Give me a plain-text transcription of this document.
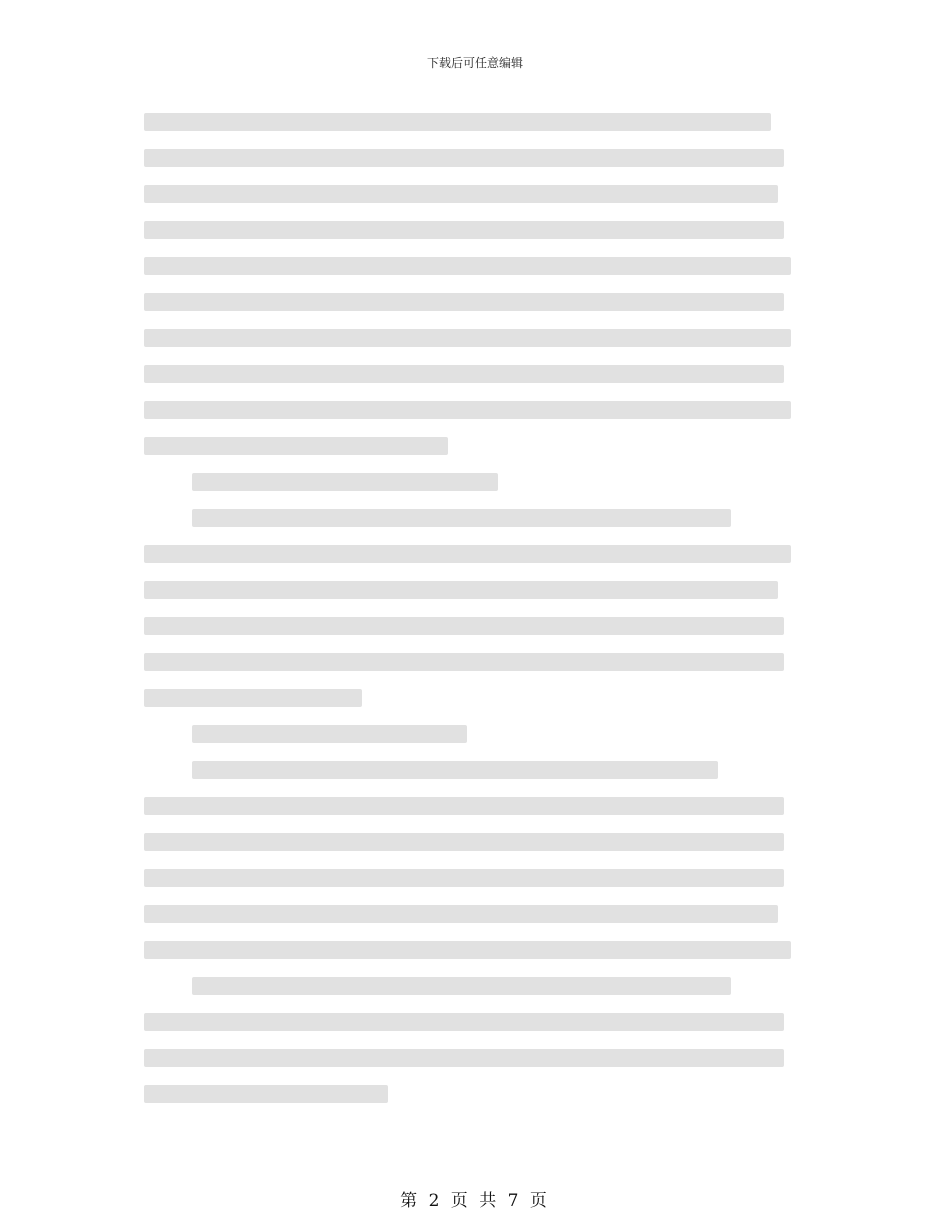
下载后可任意编辑
第 2 页 共 7 页
